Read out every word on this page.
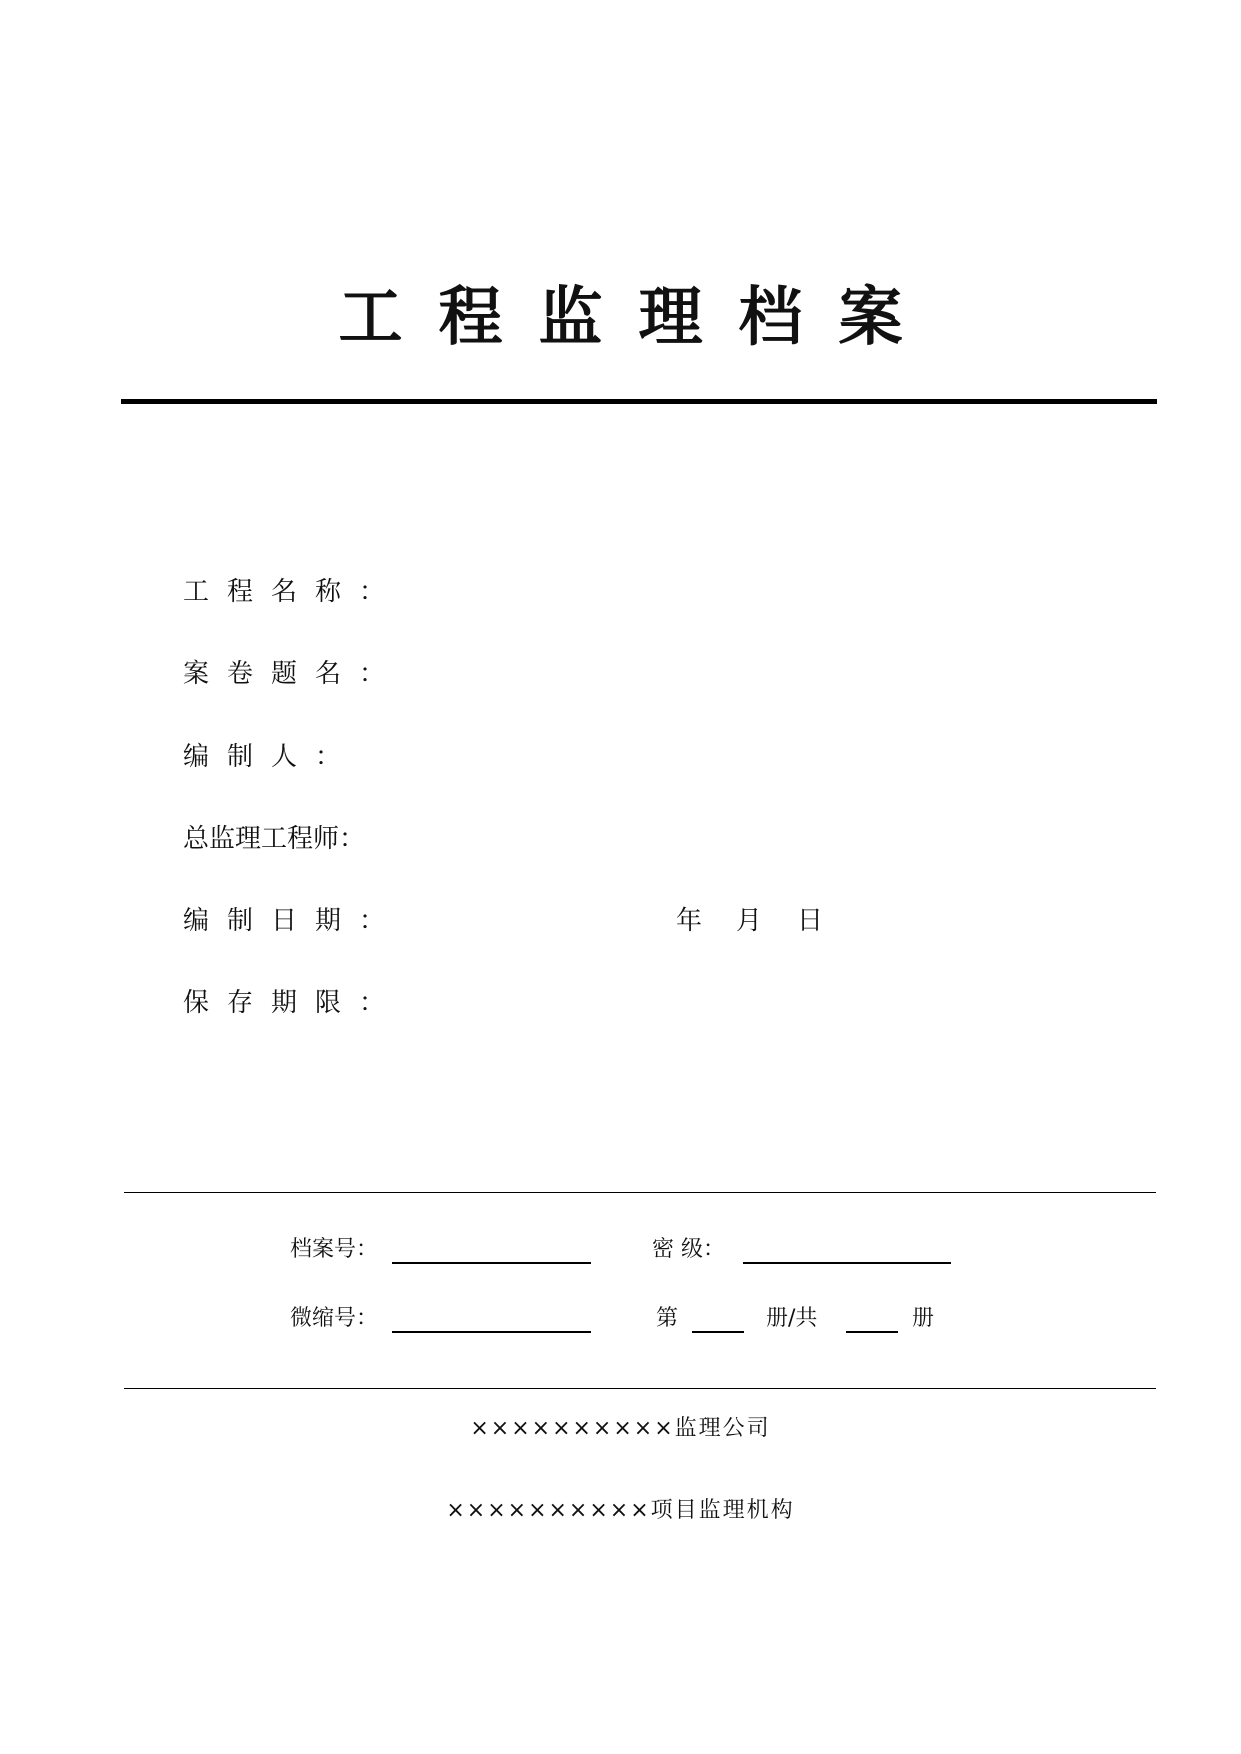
工程监理档案
工程名称：
案卷题名：
编制人：
总监理工程师：
编制日期：	年 月 日
保存期限：
档案号：	密 级：
微缩号：	第	册/共	册
××××××××××监理公司
××××××××××项目监理机构
